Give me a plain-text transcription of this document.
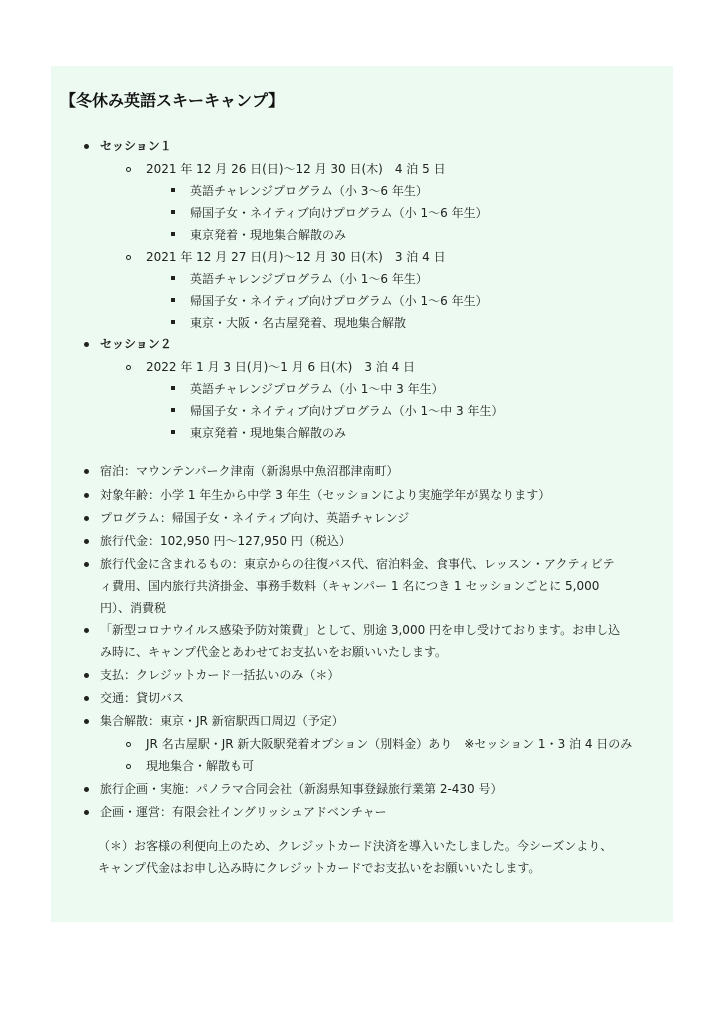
【冬休み英語スキーキャンプ】
セッション１
2021 年 12 月 26 日(日)〜12 月 30 日(木)　4 泊 5 日
英語チャレンジプログラム（小 3〜6 年生）
帰国子女・ネイティブ向けプログラム（小 1〜6 年生）
東京発着・現地集合解散のみ
2021 年 12 月 27 日(月)〜12 月 30 日(木)　3 泊 4 日
英語チャレンジプログラム（小 1〜6 年生）
帰国子女・ネイティブ向けプログラム（小 1〜6 年生）
東京・大阪・名古屋発着、現地集合解散
セッション２
2022 年 1 月 3 日(月)〜1 月 6 日(木)　3 泊 4 日
英語チャレンジプログラム（小 1〜中 3 年生）
帰国子女・ネイティブ向けプログラム（小 1〜中 3 年生）
東京発着・現地集合解散のみ
宿泊：マウンテンパーク津南（新潟県中魚沼郡津南町）
対象年齢：小学 1 年生から中学 3 年生（セッションにより実施学年が異なります）
プログラム：帰国子女・ネイティブ向け、英語チャレンジ
旅行代金：102,950 円〜127,950 円（税込）
旅行代金に含まれるもの：東京からの往復バス代、宿泊料金、食事代、レッスン・アクティビテ
ィ費用、国内旅行共済掛金、事務手数料（キャンパー 1 名につき 1 セッションごとに 5,000
円）、消費税
「新型コロナウイルス感染予防対策費」として、別途 3,000 円を申し受けております。お申し込
み時に、キャンプ代金とあわせてお支払いをお願いいたします。
支払：クレジットカード一括払いのみ（＊）
交通：貸切バス
集合解散：東京・JR 新宿駅西口周辺（予定）
JR 名古屋駅・JR 新大阪駅発着オプション（別料金）あり　※セッション 1・3 泊 4 日のみ
現地集合・解散も可
旅行企画・実施：パノラマ合同会社（新潟県知事登録旅行業第 2-430 号）
企画・運営：有限会社イングリッシュアドベンチャー
（＊）お客様の利便向上のため、クレジットカード決済を導入いたしました。今シーズンより、
キャンプ代金はお申し込み時にクレジットカードでお支払いをお願いいたします。
